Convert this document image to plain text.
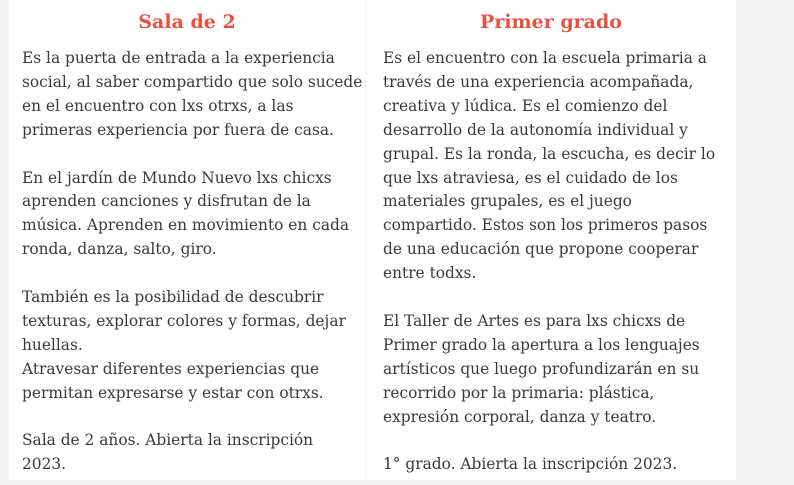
Sala de 2

Es la puerta de entrada a la experiencia
social, al saber compartido que solo sucede
en el encuentro con lxs otrxs, a las
primeras experiencia por fuera de casa.

En el jardín de Mundo Nuevo lxs chicxs
aprenden canciones y disfrutan de la
música. Aprenden en movimiento en cada
ronda, danza, salto, giro.

También es la posibilidad de descubrir
texturas, explorar colores y formas, dejar
huellas.
Atravesar diferentes experiencias que
permitan expresarse y estar con otrxs.

Sala de 2 años. Abierta la inscripción
2023.

Primer grado

Es el encuentro con la escuela primaria a
través de una experiencia acompañada,
creativa y lúdica. Es el comienzo del
desarrollo de la autonomía individual y
grupal. Es la ronda, la escucha, es decir lo
que lxs atraviesa, es el cuidado de los
materiales grupales, es el juego
compartido. Estos son los primeros pasos
de una educación que propone cooperar
entre todxs.

El Taller de Artes es para lxs chicxs de
Primer grado la apertura a los lenguajes
artísticos que luego profundizarán en su
recorrido por la primaria: plástica,
expresión corporal, danza y teatro.

1° grado. Abierta la inscripción 2023.
